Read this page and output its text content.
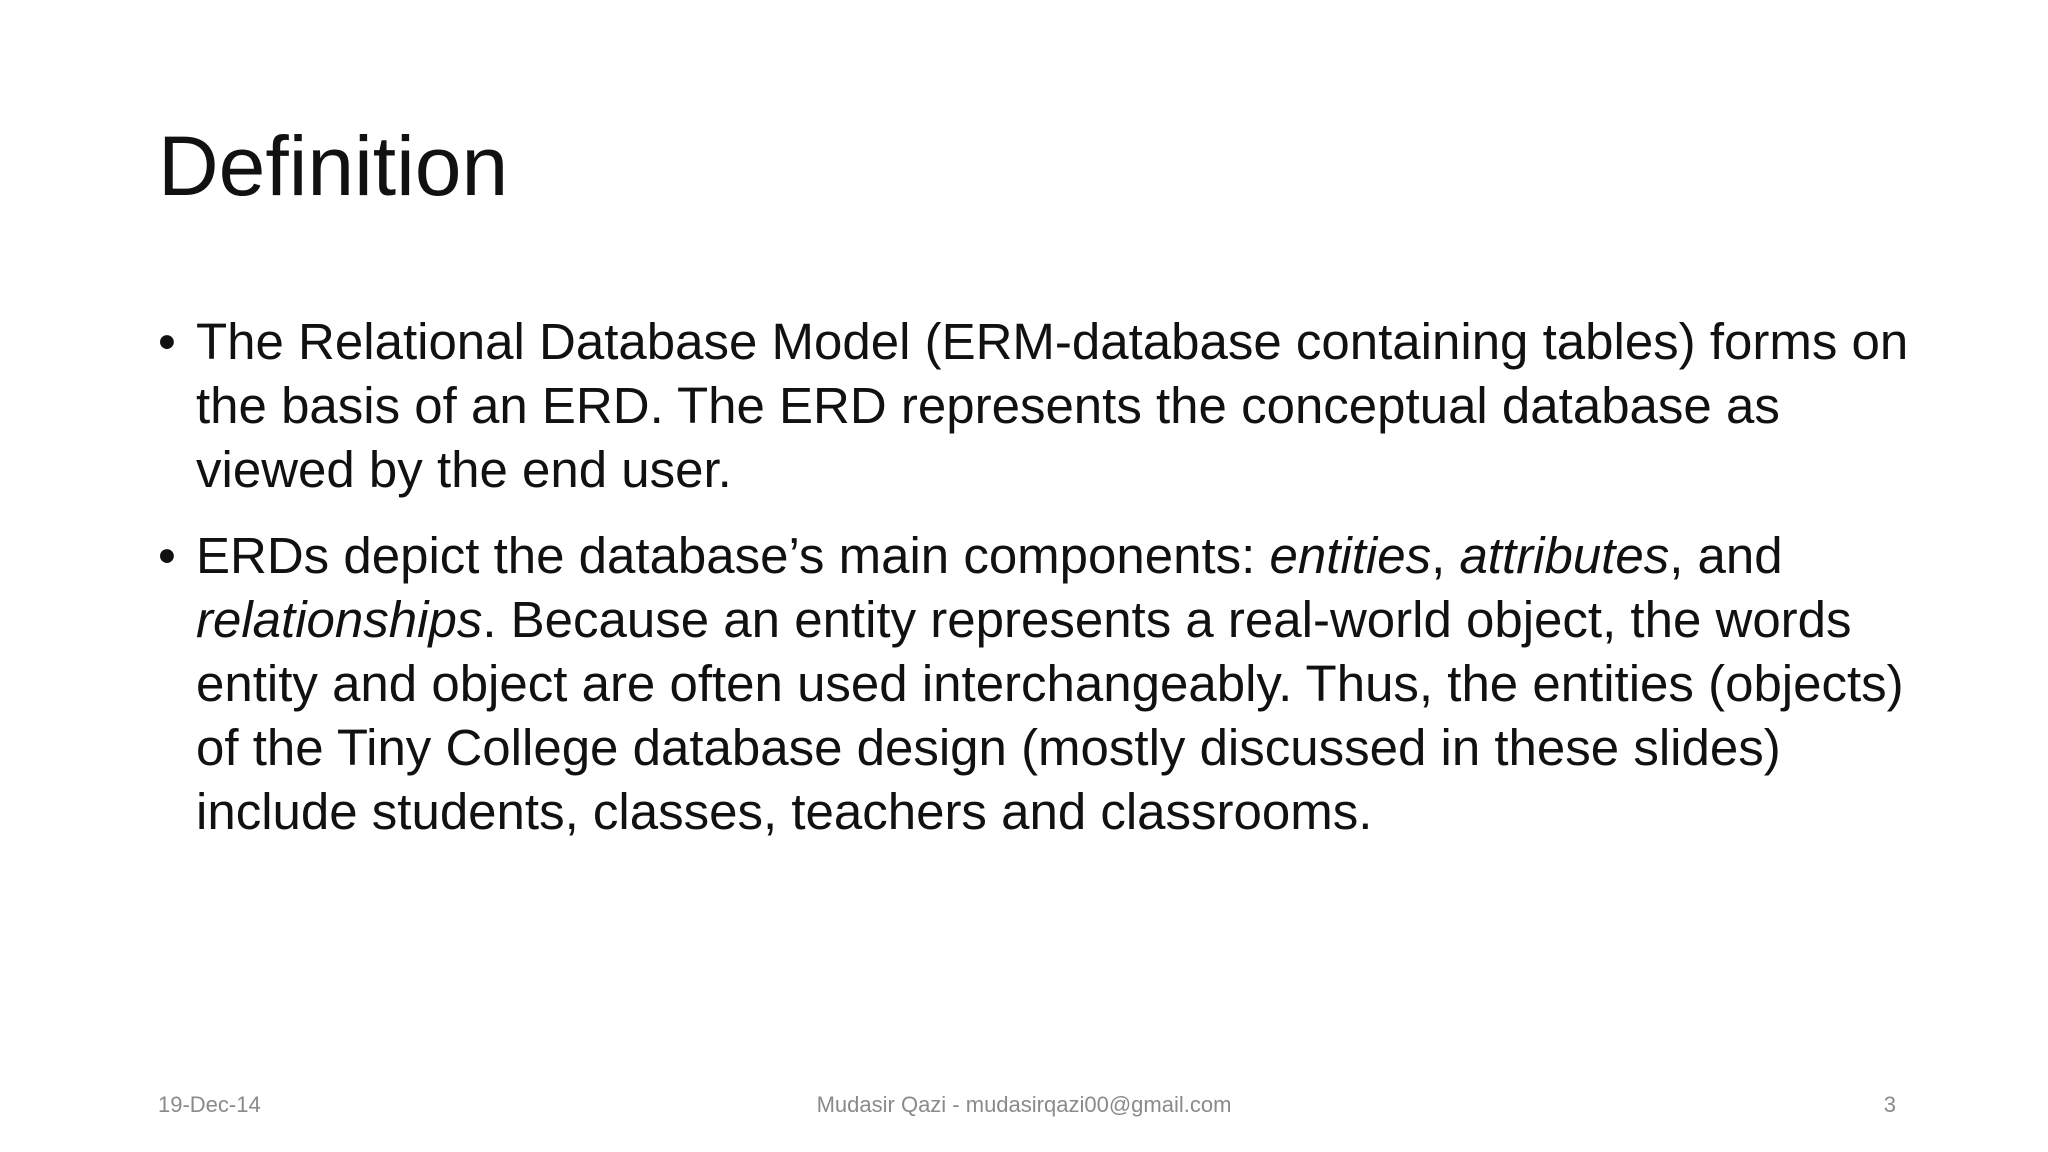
Definition
• The Relational Database Model (ERM-database containing tables) forms on the basis of an ERD. The ERD represents the conceptual database as viewed by the end user.
• ERDs depict the database’s main components: entities, attributes, and relationships. Because an entity represents a real-world object, the words entity and object are often used interchangeably. Thus, the entities (objects) of the Tiny College database design (mostly discussed in these slides) include students, classes, teachers and classrooms.
19-Dec-14	Mudasir Qazi - mudasirqazi00@gmail.com	3
